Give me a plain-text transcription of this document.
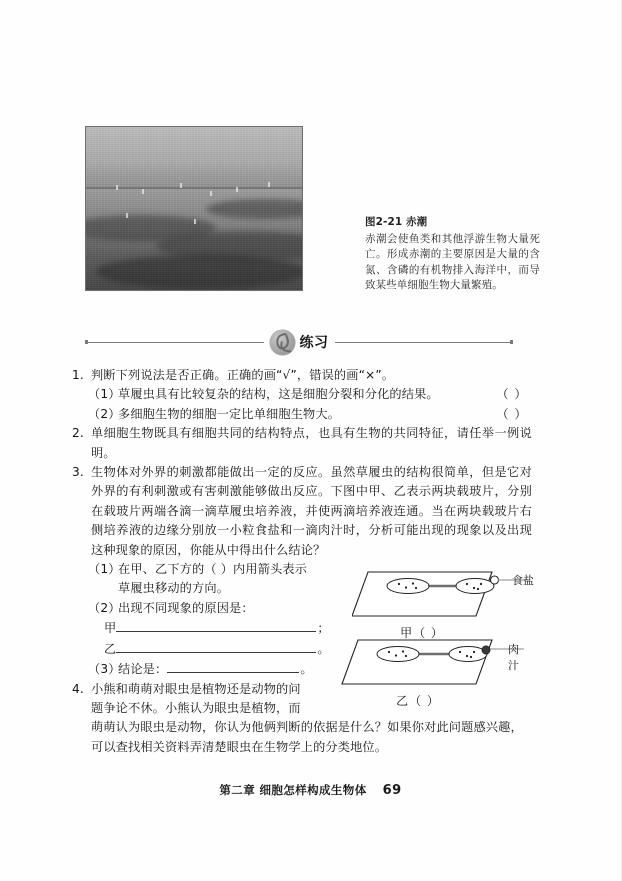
图2-21 赤潮
赤潮会使鱼类和其他浮游生物大量死亡。形成赤潮的主要原因是大量的含氮、含磷的有机物排入海洋中，而导致某些单细胞生物大量繁殖。
练习
1. 判断下列说法是否正确。正确的画“√”，错误的画“×”。
（1）
草履虫具有比较复杂的结构，这是细胞分裂和分化的结果。	（ ）
（2）
多细胞生物的细胞一定比单细胞生物大。	（ ）
2. 单细胞生物既具有细胞共同的结构特点，也具有生物的共同特征，请任举一例说明。
3. 生物体对外界的刺激都能做出一定的反应。虽然草履虫的结构很简单，但是它对外界的有利刺激或有害刺激能够做出反应。下图中甲、乙表示两块载玻片，分别在载玻片两端各滴一滴草履虫培养液，并使两滴培养液连通。当在两块载玻片右侧培养液的边缘分别放一小粒食盐和一滴肉汁时，分析可能出现的现象以及出现这种现象的原因，你能从中得出什么结论？
（1）
在甲、乙下方的（ ）内用箭头表示
草履虫移动的方向。
（2）
出现不同现象的原因是：
甲	；
乙	。
（3）
结论是：	。
4. 小熊和萌萌对眼虫是植物还是动物的问
题争论不休。小熊认为眼虫是植物，而
萌萌认为眼虫是动物，你认为他俩判断的依据是什么？如果你对此问题感兴趣，可以查找相关资料弄清楚眼虫在生物学上的分类地位。
食盐
甲（ ）
肉汁
乙（ ）
第二章 细胞怎样构成生物体 69
